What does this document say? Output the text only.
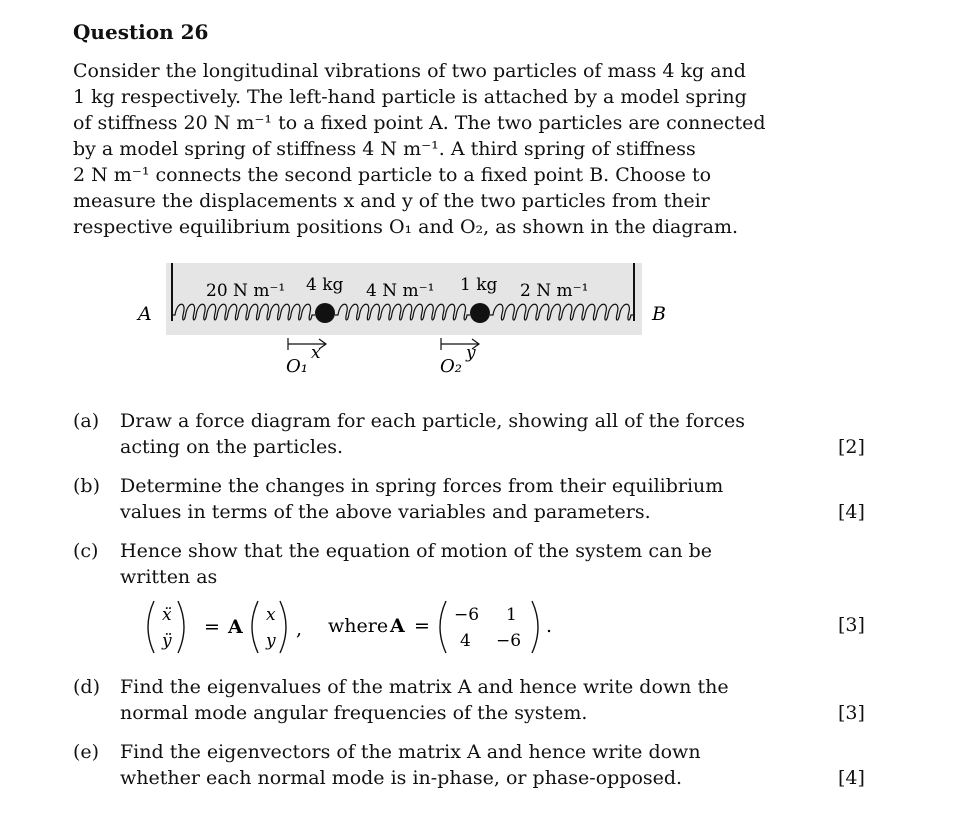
Question 26

Consider the longitudinal vibrations of two particles of mass 4 kg and
1 kg respectively. The left-hand particle is attached by a model spring
of stiffness 20 N m⁻¹ to a fixed point A. The two particles are connected
by a model spring of stiffness 4 N m⁻¹. A third spring of stiffness
2 N m⁻¹ connects the second particle to a fixed point B. Choose to
measure the displacements x and y of the two particles from their
respective equilibrium positions O₁ and O₂, as shown in the diagram.

A	B
20 N m⁻¹ 4 kg 4 N m⁻¹ 1 kg 2 N m⁻¹
O₁
x
O₂
y
(a) Draw a force diagram for each particle, showing all of the forces
acting on the particles.	[2]
(b) Determine the changes in spring forces from their equilibrium
values in terms of the above variables and parameters.	[4]
(c) Hence show that the equation of motion of the system can be
written as
ẍ
ÿ
= A
x
y
, where A = −6 1
4 −6
.	[3]
(d) Find the eigenvalues of the matrix A and hence write down the
normal mode angular frequencies of the system.	[3]
(e) Find the eigenvectors of the matrix A and hence write down
whether each normal mode is in-phase, or phase-opposed.	[4]
